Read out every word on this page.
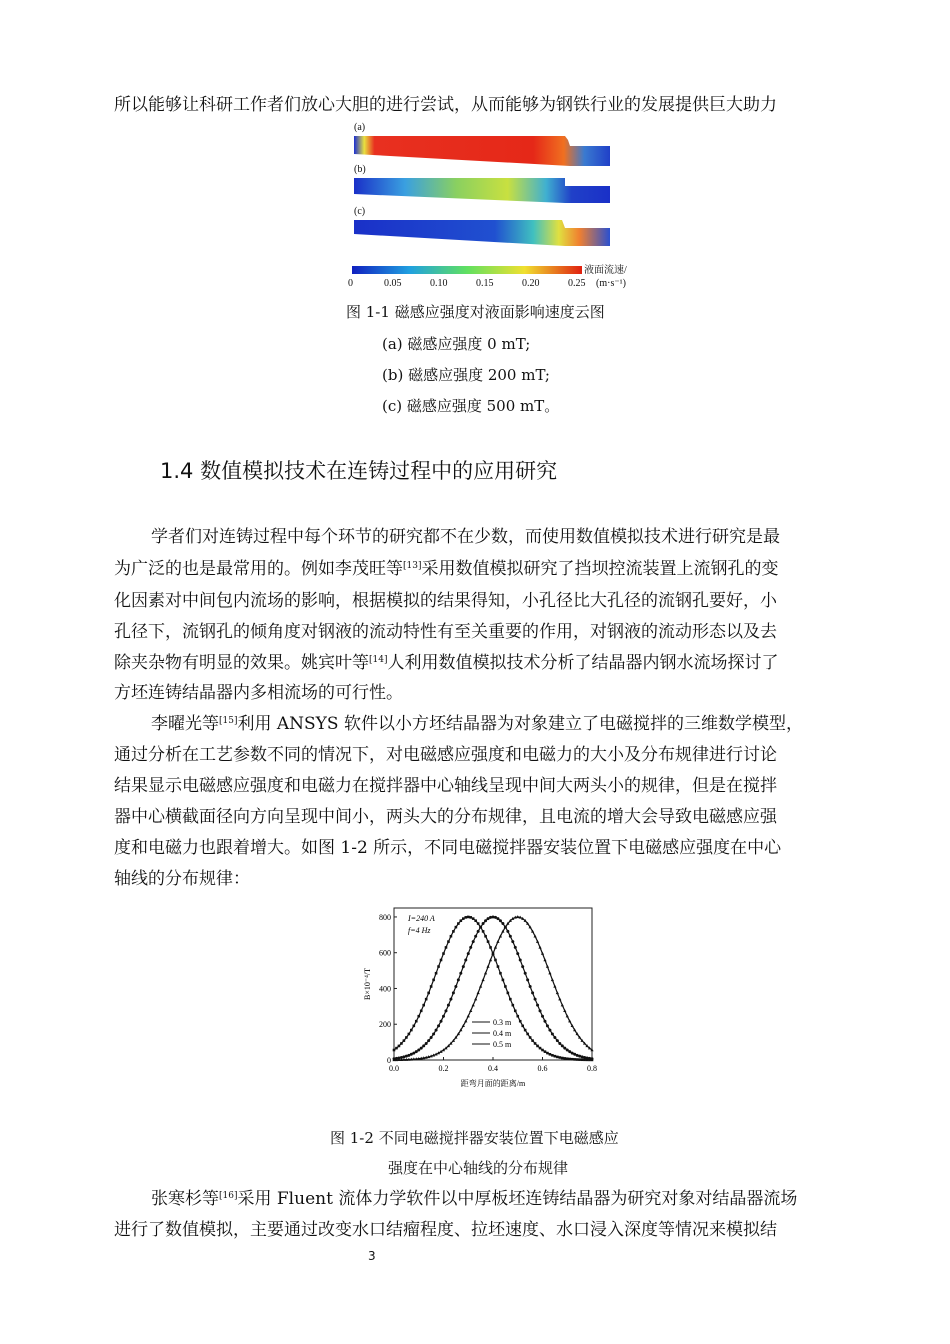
所以能够让科研工作者们放心大胆的进行尝试，从而能够为钢铁行业的发展提供巨大助力
(a)
(b)
(c)
0	0.05	0.10	0.15	0.20	0.25
液面流速/
(m·s⁻¹)
图 1-1 磁感应强度对液面影响速度云图
(a) 磁感应强度 0 mT;
(b) 磁感应强度 200 mT;
(c) 磁感应强度 500 mT。
1.4 数值模拟技术在连铸过程中的应用研究
学者们对连铸过程中每个环节的研究都不在少数，而使用数值模拟技术进行研究是最
为广泛的也是最常用的。例如李茂旺等[13]采用数值模拟研究了挡坝控流装置上流钢孔的变
化因素对中间包内流场的影响，根据模拟的结果得知，小孔径比大孔径的流钢孔要好，小
孔径下，流钢孔的倾角度对钢液的流动特性有至关重要的作用，对钢液的流动形态以及去
除夹杂物有明显的效果。姚宾叶等[14]人利用数值模拟技术分析了结晶器内钢水流场探讨了
方坯连铸结晶器内多相流场的可行性。
李曜光等[15]利用 ANSYS 软件以小方坯结晶器为对象建立了电磁搅拌的三维数学模型，
通过分析在工艺参数不同的情况下，对电磁感应强度和电磁力的大小及分布规律进行讨论
结果显示电磁感应强度和电磁力在搅拌器中心轴线呈现中间大两头小的规律，但是在搅拌
器中心横截面径向方向呈现中间小，两头大的分布规律，且电流的增大会导致电磁感应强
度和电磁力也跟着增大。如图 1-2 所示，不同电磁搅拌器安装位置下电磁感应强度在中心
轴线的分布规律：
0.0	0.2	0.4	0.6	0.8
0
200
400
600
800
距弯月面的距离/m
B×10⁻⁴/T
I=240 A
f=4 Hz
0.3 m
0.4 m
0.5 m
图 1-2 不同电磁搅拌器安装位置下电磁感应
强度在中心轴线的分布规律
张寒杉等[16]采用 Fluent 流体力学软件以中厚板坯连铸结晶器为研究对象对结晶器流场
进行了数值模拟，主要通过改变水口结瘤程度、拉坯速度、水口浸入深度等情况来模拟结
3
